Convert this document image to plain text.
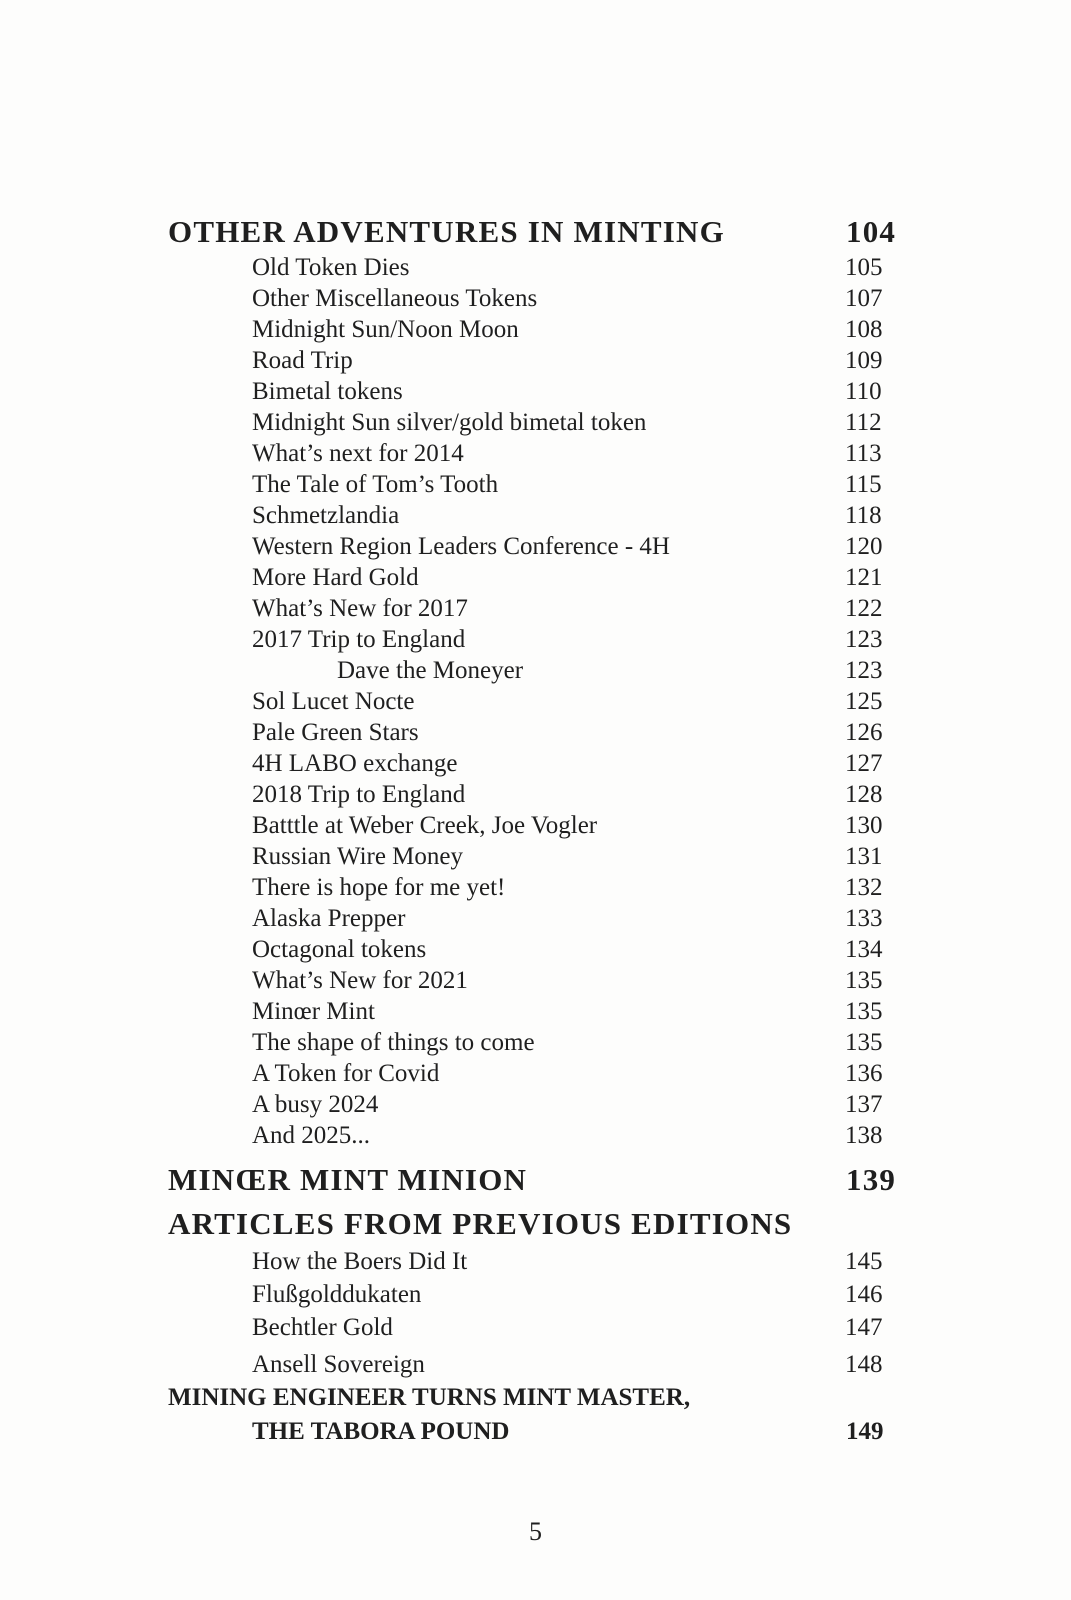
OTHER ADVENTURES IN MINTING	104
Old Token Dies	105
Other Miscellaneous Tokens	107
Midnight Sun/Noon Moon	108
Road Trip	109
Bimetal tokens	110
Midnight Sun silver/gold bimetal token	112
What’s next for 2014	113
The Tale of Tom’s Tooth	115
Schmetzlandia	118
Western Region Leaders Conference - 4H	120
More Hard Gold	121
What’s New for 2017	122
2017 Trip to England	123
Dave the Moneyer	123
Sol Lucet Nocte	125
Pale Green Stars	126
4H LABO exchange	127
2018 Trip to England	128
Batttle at Weber Creek, Joe Vogler	130
Russian Wire Money	131
There is hope for me yet!	132
Alaska Prepper	133
Octagonal tokens	134
What’s New for 2021	135
Minœr Mint	135
The shape of things to come	135
A Token for Covid	136
A busy 2024	137
And 2025...	138
MINŒR MINT MINION	139
ARTICLES FROM PREVIOUS EDITIONS
How the Boers Did It	145
Flußgolddukaten	146
Bechtler Gold	147
Ansell Sovereign	148
MINING ENGINEER TURNS MINT MASTER,
THE TABORA POUND	149
5
